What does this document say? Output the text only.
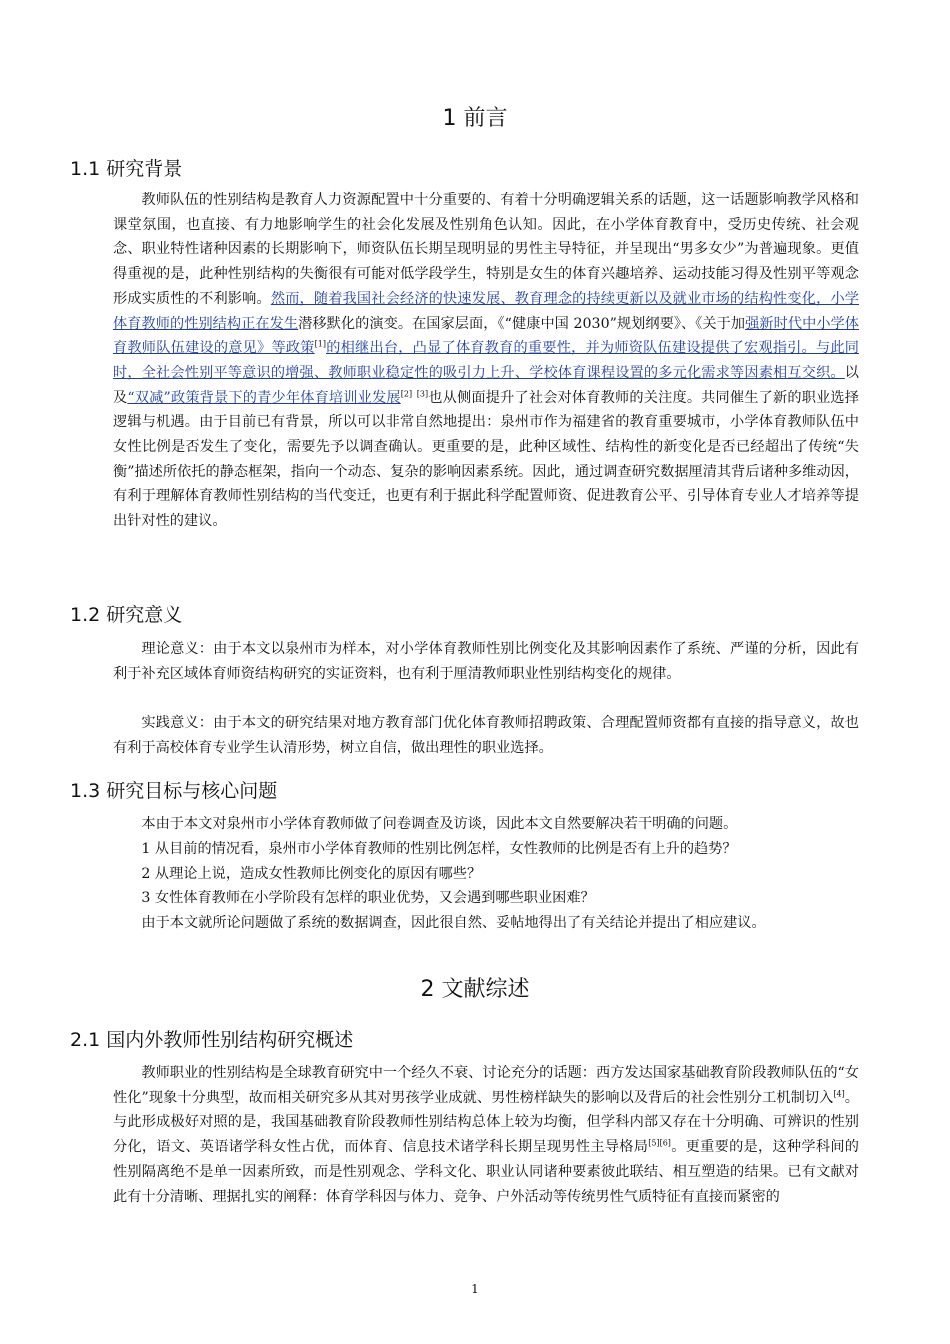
1 前言
1.1 研究背景

教师队伍的性别结构是教育人力资源配置中十分重要的、有着十分明确逻辑关系的话题，这一话题影响教学风格和课堂氛围，也直接、有力地影响学生的社会化发展及性别角色认知。因此，在小学体育教育中，受历史传统、社会观念、职业特性诸种因素的长期影响下，师资队伍长期呈现明显的男性主导特征，并呈现出“男多女少”为普遍现象。更值得重视的是，此种性别结构的失衡很有可能对低学段学生，特别是女生的体育兴趣培养、运动技能习得及性别平等观念形成实质性的不利影响。然而，随着我国社会经济的快速发展、教育理念的持续更新以及就业市场的结构性变化，小学体育教师的性别结构正在发生潜移默化的演变。在国家层面，《“健康中国 2030”规划纲要》、《关于加强新时代中小学体育教师队伍建设的意见》等政策[1]的相继出台，凸显了体育教育的重要性，并为师资队伍建设提供了宏观指引。与此同时，全社会性别平等意识的增强、教师职业稳定性的吸引力上升、学校体育课程设置的多元化需求等因素相互交织。以及“双减”政策背景下的青少年体育培训业发展[2] [3]也从侧面提升了社会对体育教师的关注度。共同催生了新的职业选择逻辑与机遇。由于目前已有背景，所以可以非常自然地提出：泉州市作为福建省的教育重要城市，小学体育教师队伍中女性比例是否发生了变化，需要先予以调查确认。更重要的是，此种区域性、结构性的新变化是否已经超出了传统“失衡”描述所依托的静态框架，指向一个动态、复杂的影响因素系统。因此，通过调查研究数据厘清其背后诸种多维动因，有利于理解体育教师性别结构的当代变迁，也更有利于据此科学配置师资、促进教育公平、引导体育专业人才培养等提出针对性的建议。

1.2 研究意义

理论意义：由于本文以泉州市为样本，对小学体育教师性别比例变化及其影响因素作了系统、严谨的分析，因此有利于补充区域体育师资结构研究的实证资料，也有利于厘清教师职业性别结构变化的规律。

实践意义：由于本文的研究结果对地方教育部门优化体育教师招聘政策、合理配置师资都有直接的指导意义，故也有利于高校体育专业学生认清形势，树立自信，做出理性的职业选择。

1.3 研究目标与核心问题

本由于本文对泉州市小学体育教师做了问卷调查及访谈，因此本文自然要解决若干明确的问题。

1 从目前的情况看，泉州市小学体育教师的性别比例怎样，女性教师的比例是否有上升的趋势？

2 从理论上说，造成女性教师比例变化的原因有哪些？

3 女性体育教师在小学阶段有怎样的职业优势，又会遇到哪些职业困难？

由于本文就所论问题做了系统的数据调查，因此很自然、妥帖地得出了有关结论并提出了相应建议。

2 文献综述
2.1 国内外教师性别结构研究概述

教师职业的性别结构是全球教育研究中一个经久不衰、讨论充分的话题：西方发达国家基础教育阶段教师队伍的“女性化”现象十分典型，故而相关研究多从其对男孩学业成就、男性榜样缺失的影响以及背后的社会性别分工机制切入[4]。与此形成极好对照的是，我国基础教育阶段教师性别结构总体上较为均衡，但学科内部又存在十分明确、可辨识的性别分化，语文、英语诸学科女性占优，而体育、信息技术诸学科长期呈现男性主导格局[5][6]。更重要的是，这种学科间的性别隔离绝不是单一因素所致，而是性别观念、学科文化、职业认同诸种要素彼此联结、相互塑造的结果。已有文献对此有十分清晰、理据扎实的阐释：体育学科因与体力、竞争、户外活动等传统男性气质特征有直接而紧密的

1
